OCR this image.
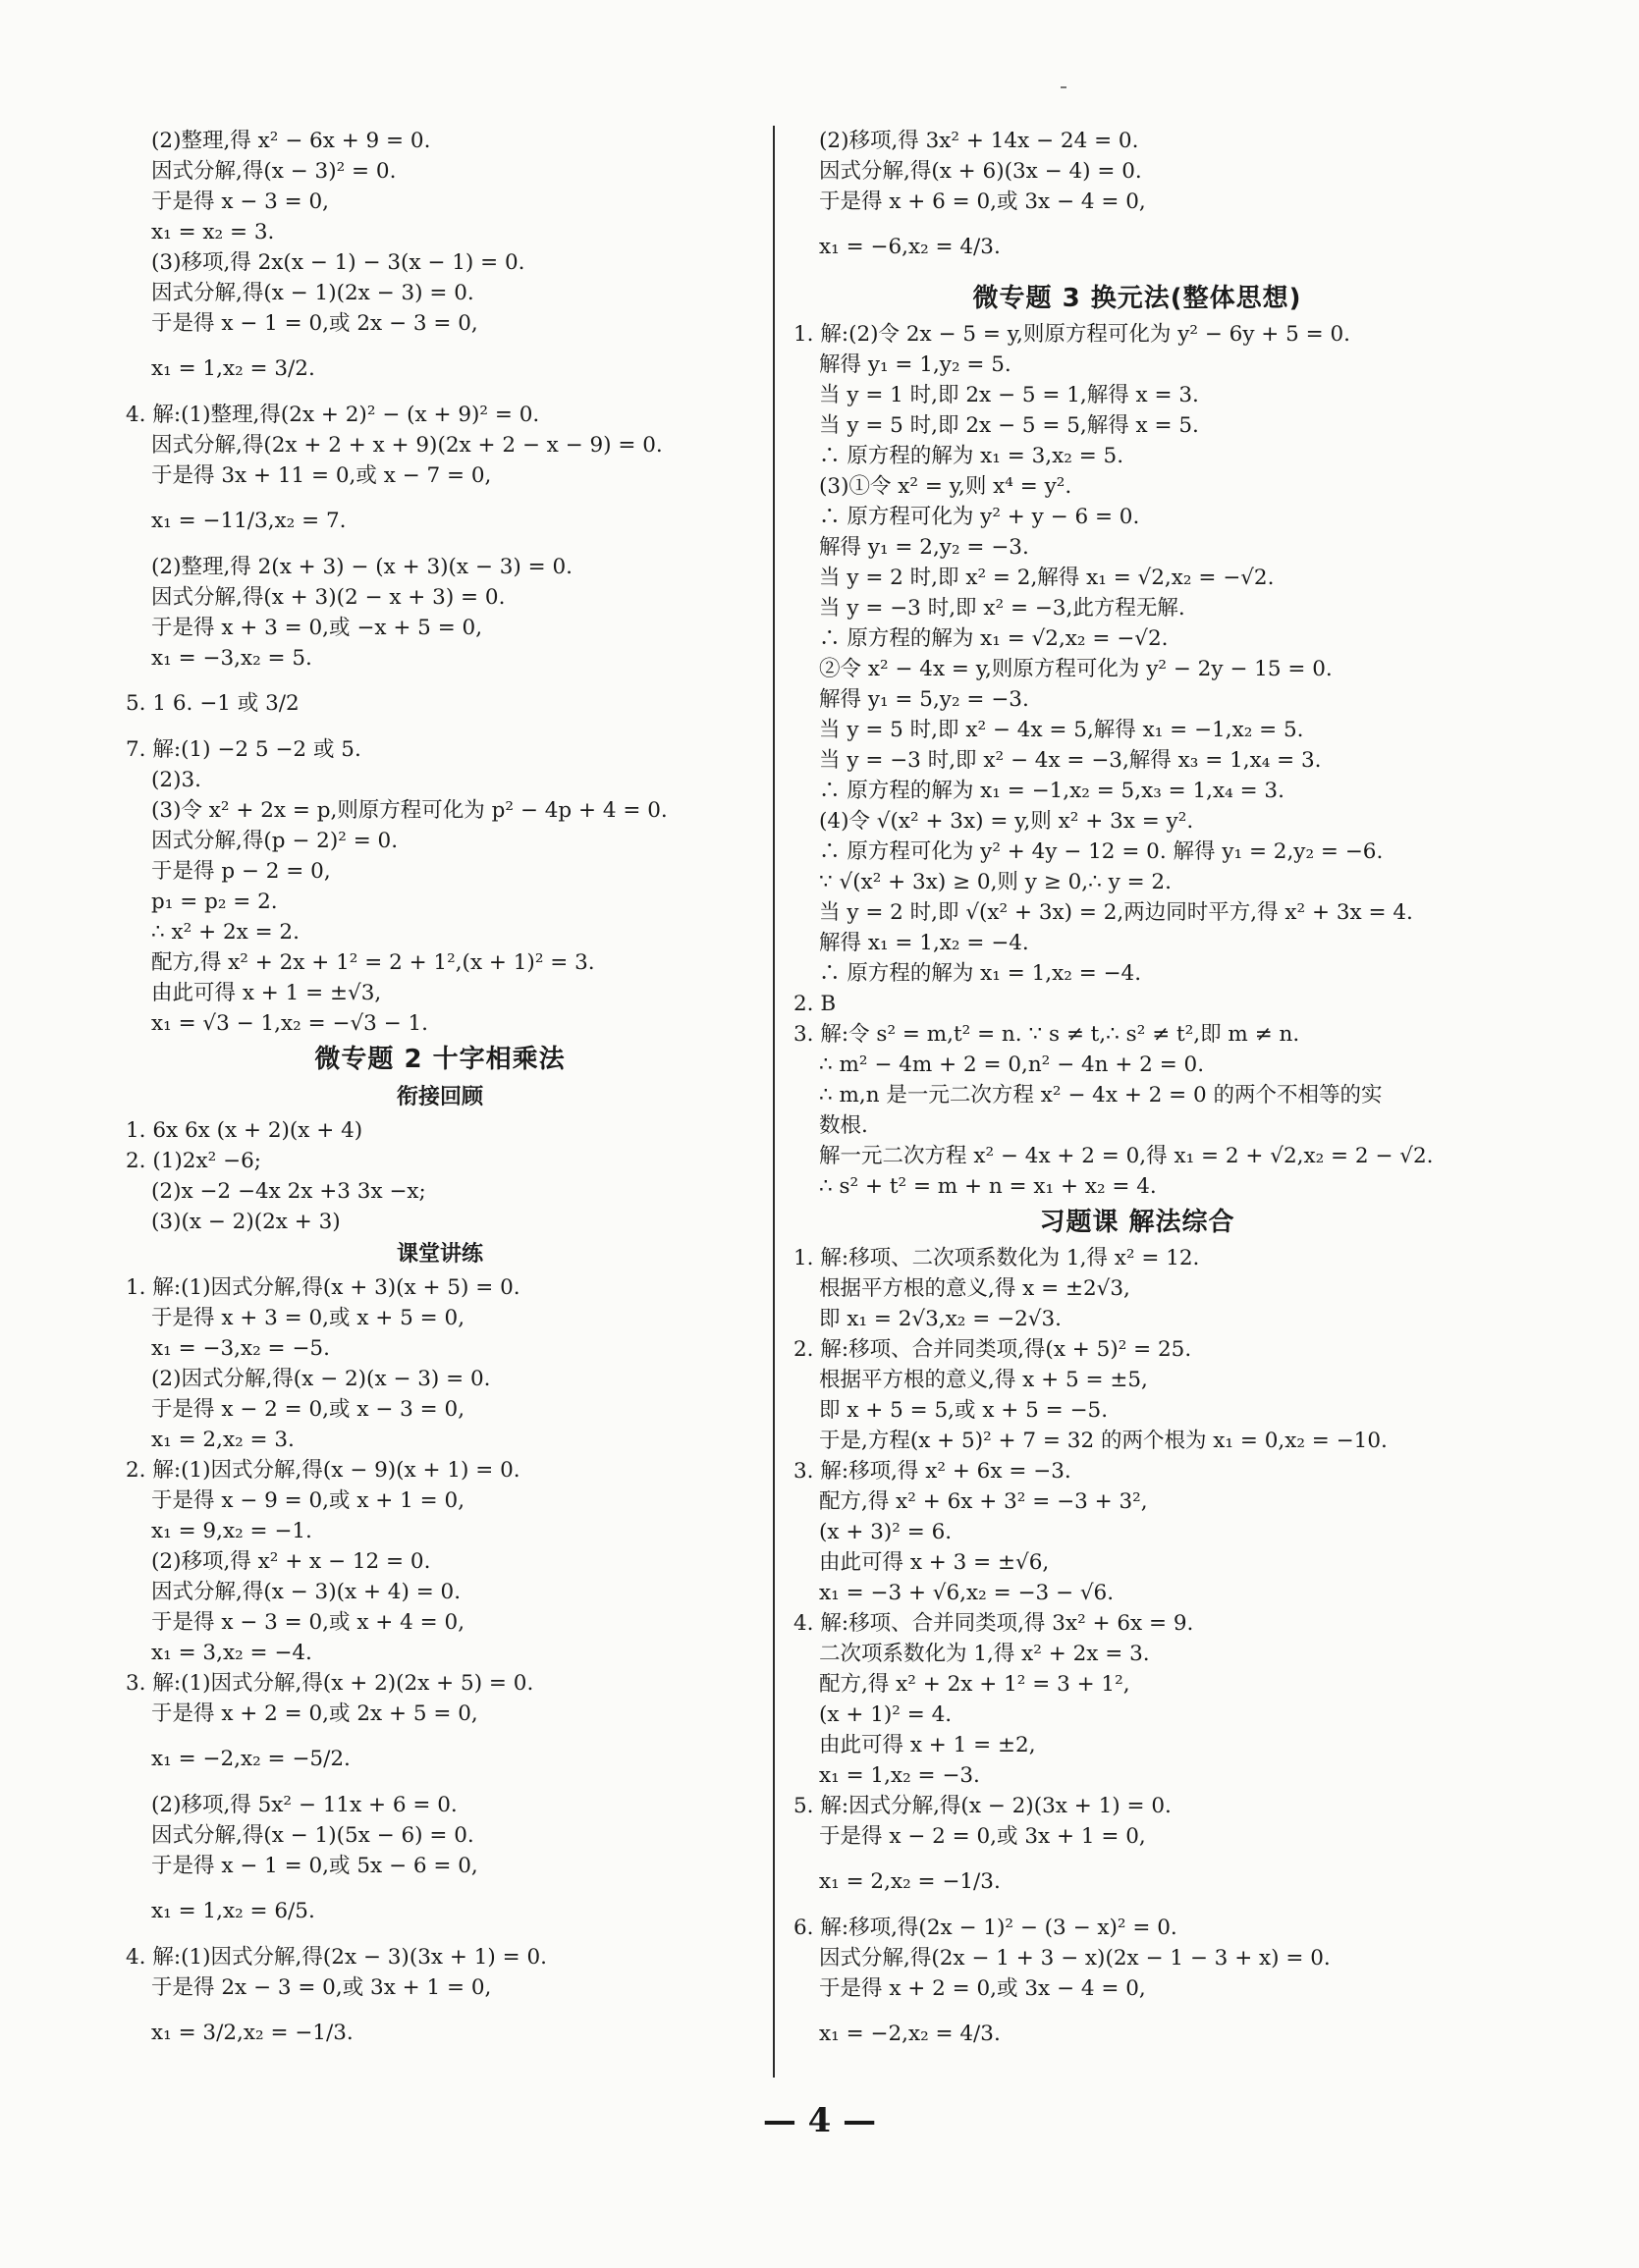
(2)整理,得 x² − 6x + 9 = 0.
因式分解,得(x − 3)² = 0.
于是得 x − 3 = 0,
x₁ = x₂ = 3.
(3)移项,得 2x(x − 1) − 3(x − 1) = 0.
因式分解,得(x − 1)(2x − 3) = 0.
于是得 x − 1 = 0,或 2x − 3 = 0,
x₁ = 1,x₂ = 3/2.
4. 解:(1)整理,得(2x + 2)² − (x + 9)² = 0.
因式分解,得(2x + 2 + x + 9)(2x + 2 − x − 9) = 0.
于是得 3x + 11 = 0,或 x − 7 = 0,
x₁ = −11/3,x₂ = 7.
(2)整理,得 2(x + 3) − (x + 3)(x − 3) = 0.
因式分解,得(x + 3)(2 − x + 3) = 0.
于是得 x + 3 = 0,或 −x + 5 = 0,
x₁ = −3,x₂ = 5.
5. 1 6. −1 或 3/2
7. 解:(1) −2 5 −2 或 5.
(2)3.
(3)令 x² + 2x = p,则原方程可化为 p² − 4p + 4 = 0.
因式分解,得(p − 2)² = 0.
于是得 p − 2 = 0,
p₁ = p₂ = 2.
∴ x² + 2x = 2.
配方,得 x² + 2x + 1² = 2 + 1²,(x + 1)² = 3.
由此可得 x + 1 = ±√3,
x₁ = √3 − 1,x₂ = −√3 − 1.
微专题 2 十字相乘法
衔接回顾
1. 6x 6x (x + 2)(x + 4)
2. (1)2x² −6;
(2)x −2 −4x 2x +3 3x −x;
(3)(x − 2)(2x + 3)
课堂讲练
1. 解:(1)因式分解,得(x + 3)(x + 5) = 0.
于是得 x + 3 = 0,或 x + 5 = 0,
x₁ = −3,x₂ = −5.
(2)因式分解,得(x − 2)(x − 3) = 0.
于是得 x − 2 = 0,或 x − 3 = 0,
x₁ = 2,x₂ = 3.
2. 解:(1)因式分解,得(x − 9)(x + 1) = 0.
于是得 x − 9 = 0,或 x + 1 = 0,
x₁ = 9,x₂ = −1.
(2)移项,得 x² + x − 12 = 0.
因式分解,得(x − 3)(x + 4) = 0.
于是得 x − 3 = 0,或 x + 4 = 0,
x₁ = 3,x₂ = −4.
3. 解:(1)因式分解,得(x + 2)(2x + 5) = 0.
于是得 x + 2 = 0,或 2x + 5 = 0,
x₁ = −2,x₂ = −5/2.
(2)移项,得 5x² − 11x + 6 = 0.
因式分解,得(x − 1)(5x − 6) = 0.
于是得 x − 1 = 0,或 5x − 6 = 0,
x₁ = 1,x₂ = 6/5.
4. 解:(1)因式分解,得(2x − 3)(3x + 1) = 0.
于是得 2x − 3 = 0,或 3x + 1 = 0,
x₁ = 3/2,x₂ = −1/3.
(2)移项,得 3x² + 14x − 24 = 0.
因式分解,得(x + 6)(3x − 4) = 0.
于是得 x + 6 = 0,或 3x − 4 = 0,
x₁ = −6,x₂ = 4/3.
微专题 3 换元法(整体思想)
1. 解:(2)令 2x − 5 = y,则原方程可化为 y² − 6y + 5 = 0.
解得 y₁ = 1,y₂ = 5.
当 y = 1 时,即 2x − 5 = 1,解得 x = 3.
当 y = 5 时,即 2x − 5 = 5,解得 x = 5.
∴ 原方程的解为 x₁ = 3,x₂ = 5.
(3)①令 x² = y,则 x⁴ = y².
∴ 原方程可化为 y² + y − 6 = 0.
解得 y₁ = 2,y₂ = −3.
当 y = 2 时,即 x² = 2,解得 x₁ = √2,x₂ = −√2.
当 y = −3 时,即 x² = −3,此方程无解.
∴ 原方程的解为 x₁ = √2,x₂ = −√2.
②令 x² − 4x = y,则原方程可化为 y² − 2y − 15 = 0.
解得 y₁ = 5,y₂ = −3.
当 y = 5 时,即 x² − 4x = 5,解得 x₁ = −1,x₂ = 5.
当 y = −3 时,即 x² − 4x = −3,解得 x₃ = 1,x₄ = 3.
∴ 原方程的解为 x₁ = −1,x₂ = 5,x₃ = 1,x₄ = 3.
(4)令 √(x² + 3x) = y,则 x² + 3x = y².
∴ 原方程可化为 y² + 4y − 12 = 0. 解得 y₁ = 2,y₂ = −6.
∵ √(x² + 3x) ≥ 0,则 y ≥ 0,∴ y = 2.
当 y = 2 时,即 √(x² + 3x) = 2,两边同时平方,得 x² + 3x = 4.
解得 x₁ = 1,x₂ = −4.
∴ 原方程的解为 x₁ = 1,x₂ = −4.
2. B
3. 解:令 s² = m,t² = n. ∵ s ≠ t,∴ s² ≠ t²,即 m ≠ n.
∴ m² − 4m + 2 = 0,n² − 4n + 2 = 0.
∴ m,n 是一元二次方程 x² − 4x + 2 = 0 的两个不相等的实
数根.
解一元二次方程 x² − 4x + 2 = 0,得 x₁ = 2 + √2,x₂ = 2 − √2.
∴ s² + t² = m + n = x₁ + x₂ = 4.
习题课 解法综合
1. 解:移项、二次项系数化为 1,得 x² = 12.
根据平方根的意义,得 x = ±2√3,
即 x₁ = 2√3,x₂ = −2√3.
2. 解:移项、合并同类项,得(x + 5)² = 25.
根据平方根的意义,得 x + 5 = ±5,
即 x + 5 = 5,或 x + 5 = −5.
于是,方程(x + 5)² + 7 = 32 的两个根为 x₁ = 0,x₂ = −10.
3. 解:移项,得 x² + 6x = −3.
配方,得 x² + 6x + 3² = −3 + 3²,
(x + 3)² = 6.
由此可得 x + 3 = ±√6,
x₁ = −3 + √6,x₂ = −3 − √6.
4. 解:移项、合并同类项,得 3x² + 6x = 9.
二次项系数化为 1,得 x² + 2x = 3.
配方,得 x² + 2x + 1² = 3 + 1²,
(x + 1)² = 4.
由此可得 x + 1 = ±2,
x₁ = 1,x₂ = −3.
5. 解:因式分解,得(x − 2)(3x + 1) = 0.
于是得 x − 2 = 0,或 3x + 1 = 0,
x₁ = 2,x₂ = −1/3.
6. 解:移项,得(2x − 1)² − (3 − x)² = 0.
因式分解,得(2x − 1 + 3 − x)(2x − 1 − 3 + x) = 0.
于是得 x + 2 = 0,或 3x − 4 = 0,
x₁ = −2,x₂ = 4/3.
— 4 —
